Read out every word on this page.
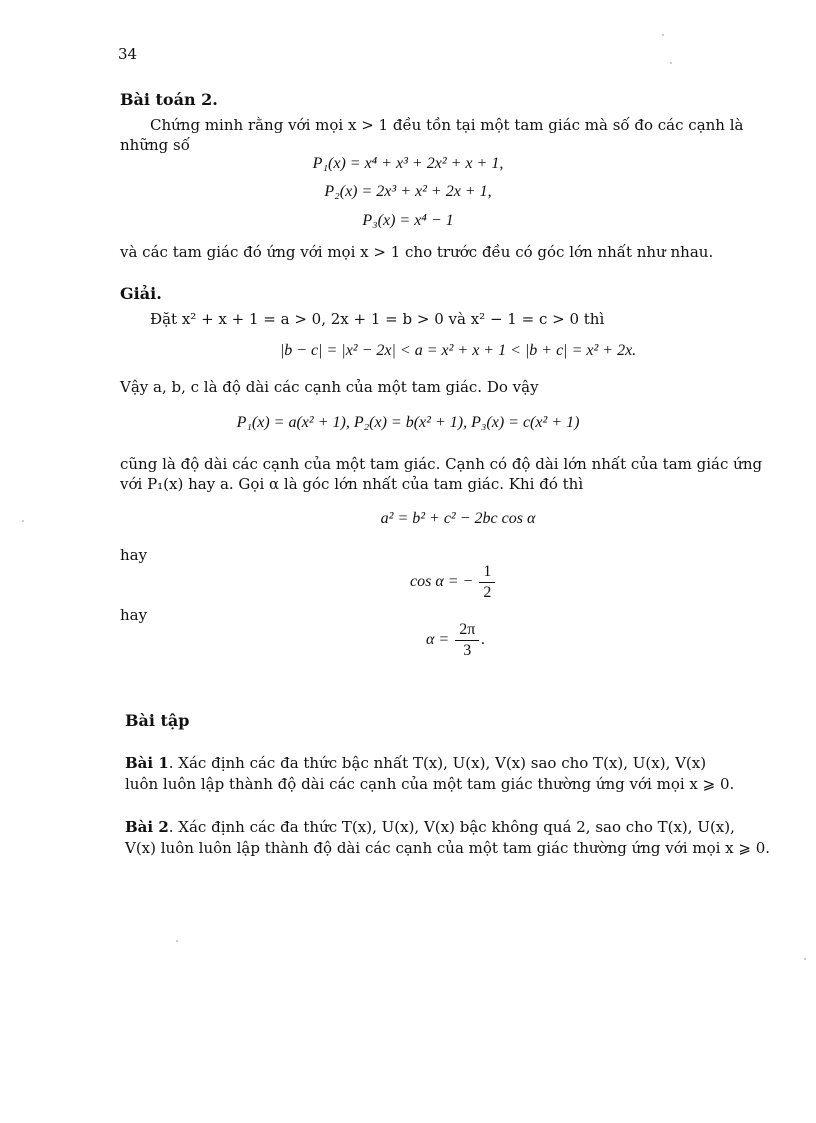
34
Bài toán 2.
Chứng minh rằng với mọi x > 1 đều tồn tại một tam giác mà số đo các cạnh là
những số
P₁(x) = x⁴ + x³ + 2x² + x + 1,
P₂(x) = 2x³ + x² + 2x + 1,
P₃(x) = x⁴ − 1
và các tam giác đó ứng với mọi x > 1 cho trước đều có góc lớn nhất như nhau.
Giải.
Đặt x² + x + 1 = a > 0, 2x + 1 = b > 0 và x² − 1 = c > 0 thì
|b − c| = |x² − 2x| < a = x² + x + 1 < |b + c| = x² + 2x.
Vậy a, b, c là độ dài các cạnh của một tam giác. Do vậy
P₁(x) = a(x² + 1), P₂(x) = b(x² + 1), P₃(x) = c(x² + 1)
cũng là độ dài các cạnh của một tam giác. Cạnh có độ dài lớn nhất của tam giác ứng
với P₁(x) hay a. Gọi α là góc lớn nhất của tam giác. Khi đó thì
a² = b² + c² − 2bc cos α
hay
cos α = − $\frac{1}{2}$
hay
$\alpha = \frac{2\pi}{3}$ .
Bài tập
Bài 1. Xác định các đa thức bậc nhất T(x), U(x), V(x) sao cho T(x), U(x), V(x)
luôn luôn lập thành độ dài các cạnh của một tam giác thường ứng với mọi x ⩾ 0.
Bài 2. Xác định các đa thức T(x), U(x), V(x) bậc không quá 2, sao cho T(x), U(x),
V(x) luôn luôn lập thành độ dài các cạnh của một tam giác thường ứng với mọi x ⩾ 0.
